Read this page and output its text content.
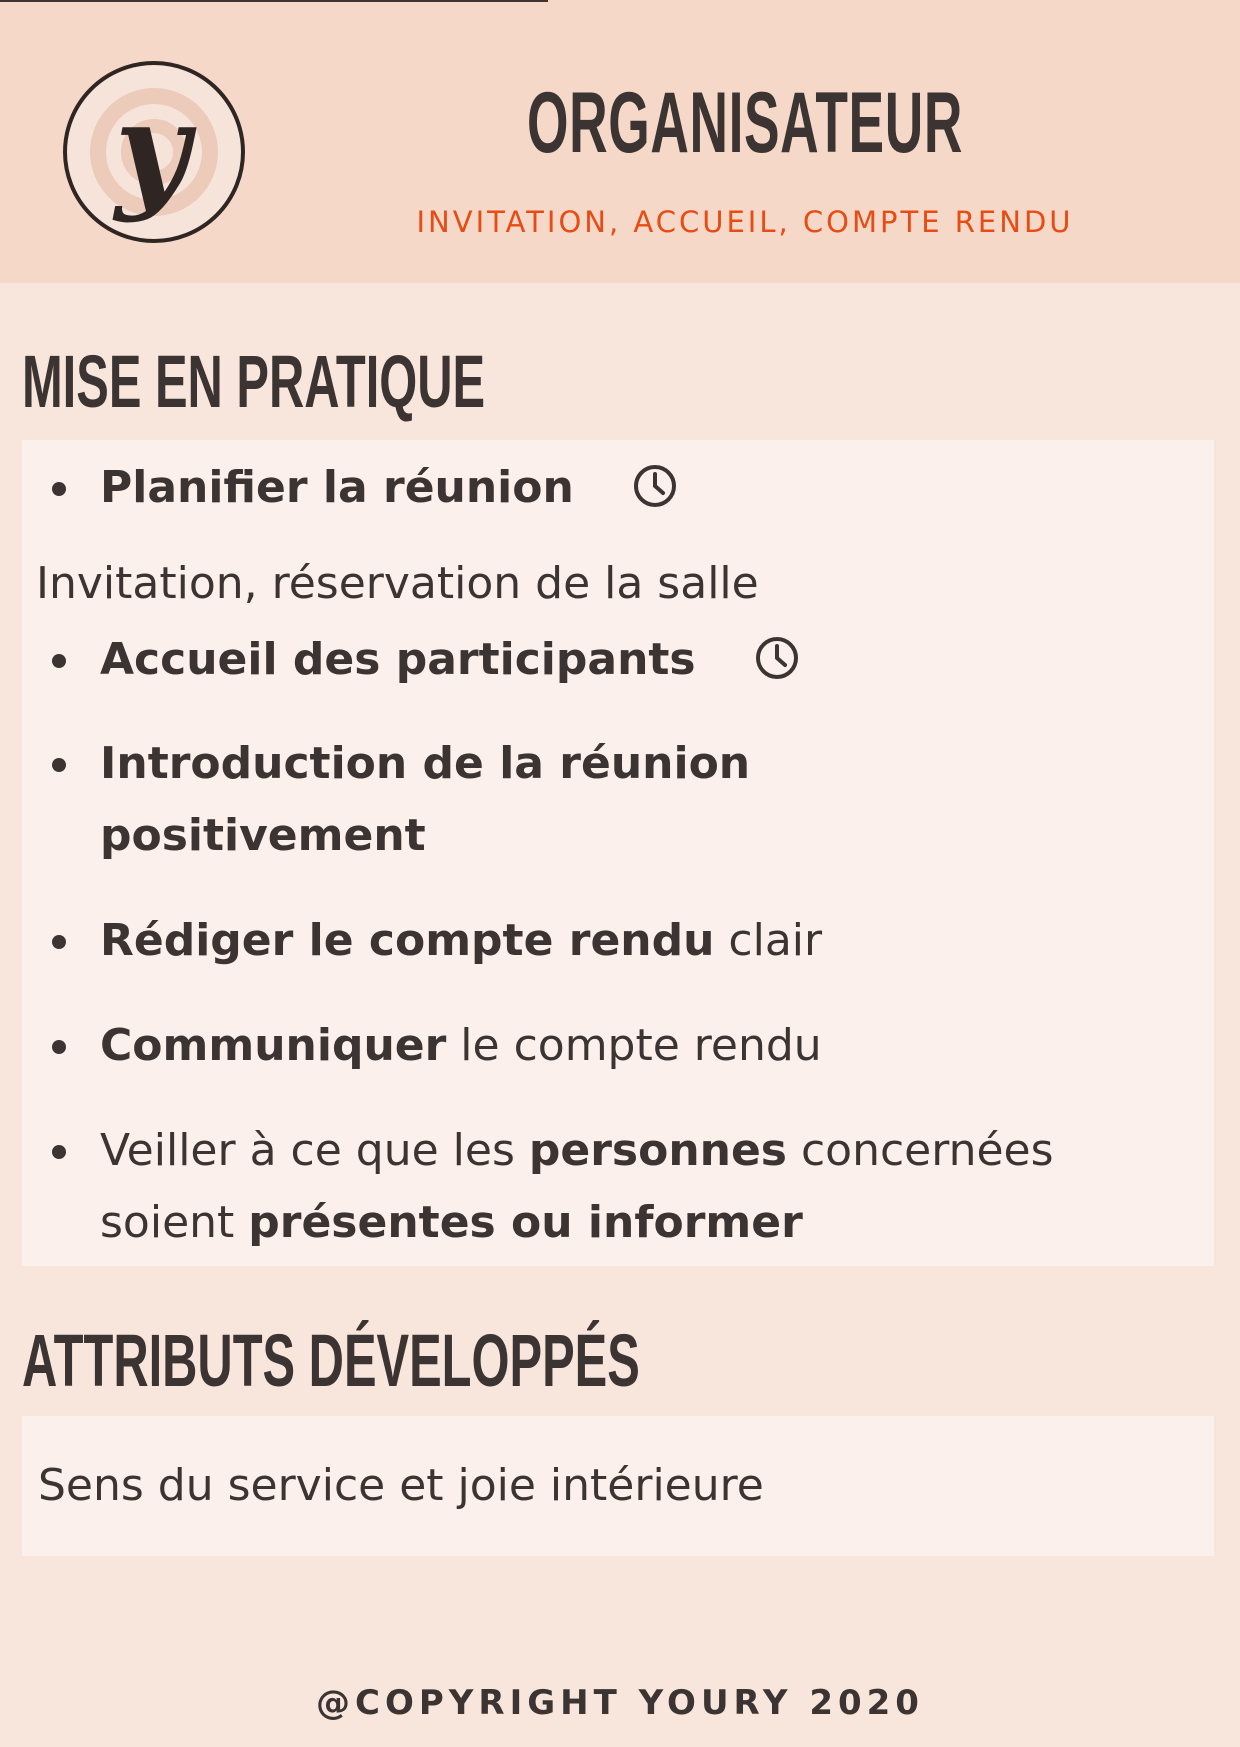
y	ORGANISATEUR
INVITATION, ACCUEIL, COMPTE RENDU
MISE EN PRATIQUE
Planifier la réunion
Invitation, réservation de la salle
Accueil des participants
Introduction de la réunion
positivement
Rédiger le compte rendu clair
Communiquer le compte rendu
Veiller à ce que les personnes concernées
soient présentes ou informer
ATTRIBUTS DÉVELOPPÉS
Sens du service et joie intérieure
@COPYRIGHT YOURY 2020
